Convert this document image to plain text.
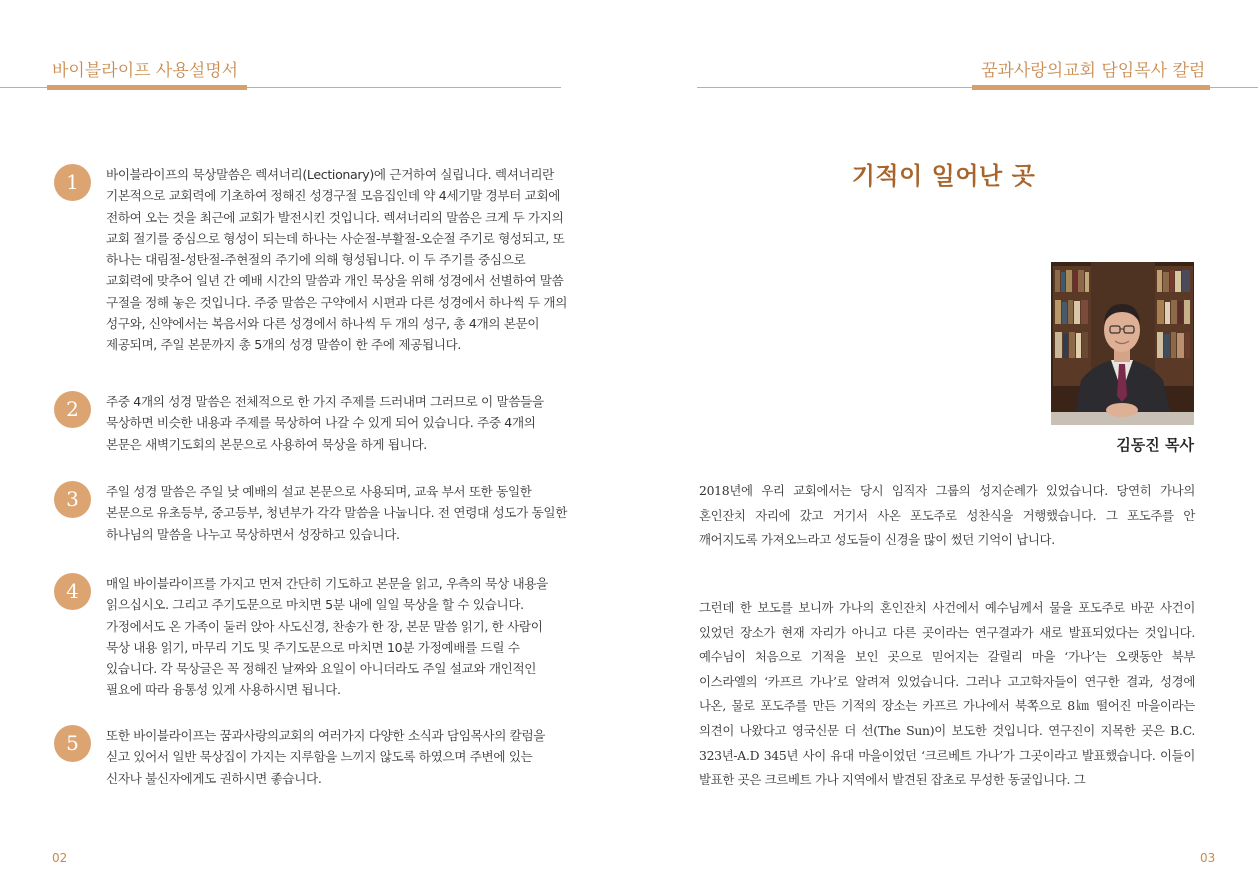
바이블라이프 사용설명서
1	바이블라이프의 묵상말씀은 렉셔너리(Lectionary)에 근거하여 실립니다. 렉셔너리란 기본적으로 교회력에 기초하여 정해진 성경구절 모음집인데 약 4세기말 경부터 교회에 전하여 오는 것을 최근에 교회가 발전시킨 것입니다. 렉셔너리의 말씀은 크게 두 가지의 교회 절기를 중심으로 형성이 되는데 하나는 사순절-부활절-오순절 주기로 형성되고, 또 하나는 대림절-성탄절-주현절의 주기에 의해 형성됩니다. 이 두 주기를 중심으로 교회력에 맞추어 일년 간 예배 시간의 말씀과 개인 묵상을 위해 성경에서 선별하여 말씀 구절을 정해 놓은 것입니다. 주중 말씀은 구약에서 시편과 다른 성경에서 하나씩 두 개의 성구와, 신약에서는 복음서와 다른 성경에서 하나씩 두 개의 성구, 총 4개의 본문이 제공되며, 주일 본문까지 총 5개의 성경 말씀이 한 주에 제공됩니다.
2	주중 4개의 성경 말씀은 전체적으로 한 가지 주제를 드러내며 그러므로 이 말씀들을 묵상하면 비슷한 내용과 주제를 묵상하여 나갈 수 있게 되어 있습니다. 주중 4개의 본문은 새벽기도회의 본문으로 사용하여 묵상을 하게 됩니다.
3	주일 성경 말씀은 주일 낮 예배의 설교 본문으로 사용되며, 교육 부서 또한 동일한 본문으로 유초등부, 중고등부, 청년부가 각각 말씀을 나눕니다. 전 연령대 성도가 동일한 하나님의 말씀을 나누고 묵상하면서 성장하고 있습니다.
4	매일 바이블라이프를 가지고 먼저 간단히 기도하고 본문을 읽고, 우측의 묵상 내용을 읽으십시오. 그리고 주기도문으로 마치면 5분 내에 일일 묵상을 할 수 있습니다. 가정에서도 온 가족이 둘러 앉아 사도신경, 찬송가 한 장, 본문 말씀 읽기, 한 사람이 묵상 내용 읽기, 마무리 기도 및 주기도문으로 마치면 10분 가정예배를 드릴 수 있습니다. 각 묵상글은 꼭 정해진 날짜와 요일이 아니더라도 주일 설교와 개인적인 필요에 따라 융통성 있게 사용하시면 됩니다.
5	또한 바이블라이프는 꿈과사랑의교회의 여러가지 다양한 소식과 담임목사의 칼럼을 싣고 있어서 일반 묵상집이 가지는 지루함을 느끼지 않도록 하였으며 주변에 있는 신자나 불신자에게도 권하시면 좋습니다.
02
꿈과사랑의교회 담임목사 칼럼
기적이 일어난 곳
김동진 목사
2018년에 우리 교회에서는 당시 임직자 그룹의 성지순례가 있었습니다. 당연히 가나의 혼인잔치 자리에 갔고 거기서 사온 포도주로 성찬식을 거행했습니다. 그 포도주를 안 깨어지도록 가져오느라고 성도들이 신경을 많이 썼던 기억이 납니다.
그런데 한 보도를 보니까 가나의 혼인잔치 사건에서 예수님께서 물을 포도주로 바꾼 사건이 있었던 장소가 현재 자리가 아니고 다른 곳이라는 연구결과가 새로 발표되었다는 것입니다. 예수님이 처음으로 기적을 보인 곳으로 믿어지는 갈릴리 마을 ‘가나’는 오랫동안 북부 이스라엘의 ‘카프르 가나’로 알려져 있었습니다. 그러나 고고학자들이 연구한 결과, 성경에 나온, 물로 포도주를 만든 기적의 장소는 카프르 가나에서 북쪽으로 8㎞ 떨어진 마을이라는 의견이 나왔다고 영국신문 더 선(The Sun)이 보도한 것입니다. 연구진이 지목한 곳은 B.C. 323년-A.D 345년 사이 유대 마을이었던 ‘크르베트 가나’가 그곳이라고 발표했습니다. 이들이 발표한 곳은 크르베트 가나 지역에서 발견된 잡초로 무성한 동굴입니다. 그
03
